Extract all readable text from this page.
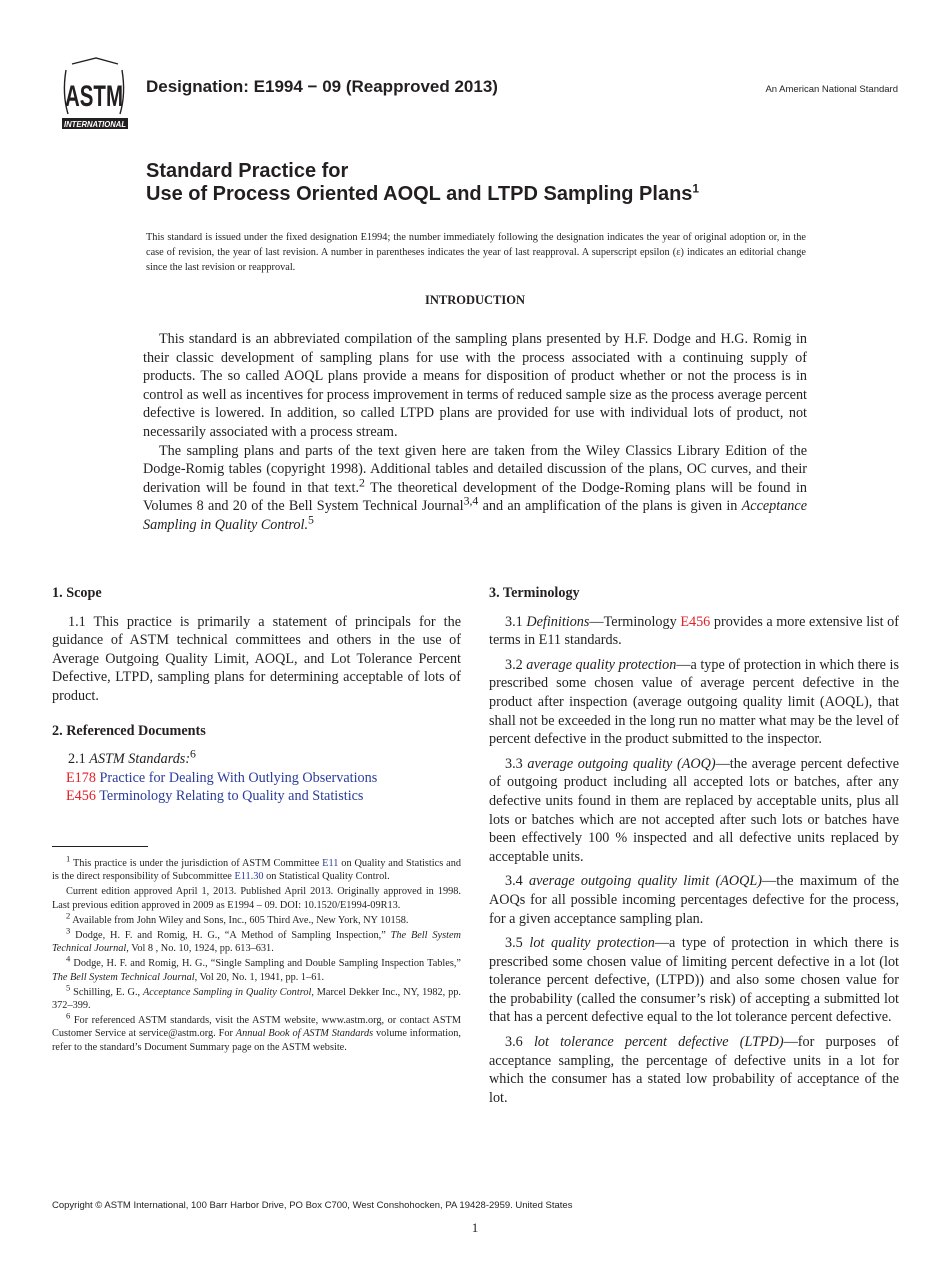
ASTM
INTERNATIONAL
Designation: E1994 − 09 (Reapproved 2013)	An American National Standard
Standard Practice for
Use of Process Oriented AOQL and LTPD Sampling Plans$^1$
This standard is issued under the fixed designation E1994; the number immediately following the designation indicates the year of original adoption or, in the case of revision, the year of last revision. A number in parentheses indicates the year of last reapproval. A superscript epsilon (ε) indicates an editorial change since the last revision or reapproval.
INTRODUCTION

This standard is an abbreviated compilation of the sampling plans presented by H.F. Dodge and H.G. Romig in their classic development of sampling plans for use with the process associated with a continuing supply of products. The so called AOQL plans provide a means for disposition of product whether or not the process is in control as well as incentives for process improvement in terms of reduced sample size as the process average percent defective is lowered. In addition, so called LTPD plans are provided for use with individual lots of product, not necessarily associated with a process stream.

The sampling plans and parts of the text given here are taken from the Wiley Classics Library Edition of the Dodge-Romig tables (copyright 1998). Additional tables and detailed discussion of the plans, OC curves, and their derivation will be found in that text.$^2$ The theoretical development of the Dodge-Roming plans will be found in Volumes 8 and 20 of the Bell System Technical Journal$^{3,4}$ and an amplification of the plans is given in Acceptance Sampling in Quality Control.$^5$

1. Scope

1.1 This practice is primarily a statement of principals for the guidance of ASTM technical committees and others in the use of Average Outgoing Quality Limit, AOQL, and Lot Tolerance Percent Defective, LTPD, sampling plans for determining acceptable of lots of product.

2. Referenced Documents

2.1 ASTM Standards:$^6$

E178 Practice for Dealing With Outlying Observations
E456 Terminology Relating to Quality and Statistics

$^1$ This practice is under the jurisdiction of ASTM Committee E11 on Quality and Statistics and is the direct responsibility of Subcommittee E11.30 on Statistical Quality Control.

Current edition approved April 1, 2013. Published April 2013. Originally approved in 1998. Last previous edition approved in 2009 as E1994 – 09. DOI: 10.1520/E1994-09R13.

$^2$ Available from John Wiley and Sons, Inc., 605 Third Ave., New York, NY 10158.

$^3$ Dodge, H. F. and Romig, H. G., “A Method of Sampling Inspection,” The Bell System Technical Journal, Vol 8 , No. 10, 1924, pp. 613–631.

$^4$ Dodge, H. F. and Romig, H. G., “Single Sampling and Double Sampling Inspection Tables,” The Bell System Technical Journal, Vol 20, No. 1, 1941, pp. 1–61.

$^5$ Schilling, E. G., Acceptance Sampling in Quality Control, Marcel Dekker Inc., NY, 1982, pp. 372–399.

$^6$ For referenced ASTM standards, visit the ASTM website, www.astm.org, or contact ASTM Customer Service at service@astm.org. For Annual Book of ASTM Standards volume information, refer to the standard’s Document Summary page on the ASTM website.

3. Terminology

3.1 Definitions—Terminology E456 provides a more extensive list of terms in E11 standards.

3.2 average quality protection—a type of protection in which there is prescribed some chosen value of average percent defective in the product after inspection (average outgoing quality limit (AOQL), that shall not be exceeded in the long run no matter what may be the level of percent defective in the product submitted to the inspector.

3.3 average outgoing quality (AOQ)—the average percent defective of outgoing product including all accepted lots or batches, after any defective units found in them are replaced by acceptable units, plus all lots or batches which are not accepted after such lots or batches have been effectively 100 % inspected and all defective units replaced by acceptable units.

3.4 average outgoing quality limit (AOQL)—the maximum of the AOQs for all possible incoming percentages defective for the process, for a given acceptance sampling plan.

3.5 lot quality protection—a type of protection in which there is prescribed some chosen value of limiting percent defective in a lot (lot tolerance percent defective, (LTPD)) and also some chosen value for the probability (called the consumer’s risk) of accepting a submitted lot that has a percent defective equal to the lot tolerance percent defective.

3.6 lot tolerance percent defective (LTPD)—for purposes of acceptance sampling, the percentage of defective units in a lot for which the consumer has a stated low probability of acceptance of the lot.

Copyright © ASTM International, 100 Barr Harbor Drive, PO Box C700, West Conshohocken, PA 19428-2959. United States
1
